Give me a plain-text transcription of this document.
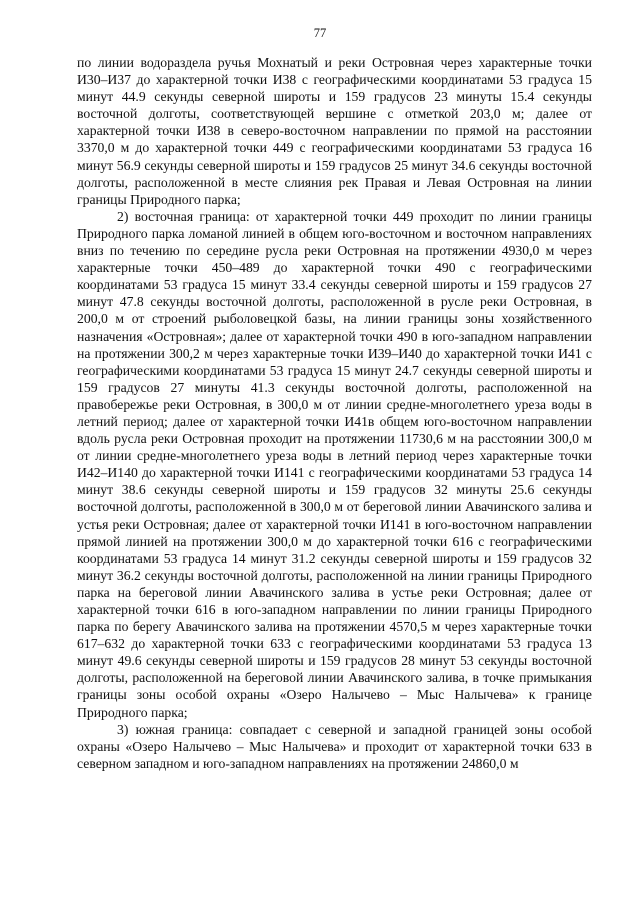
77

по линии водораздела ручья Мохнатый и реки Островная через характерные точки И30–И37 до характерной точки И38 с географическими координатами 53 градуса 15 минут 44.9 секунды северной широты и 159 градусов 23 минуты 15.4 секунды восточной долготы, соответствующей вершине с отметкой 203,0 м; далее от характерной точки И38 в северо-восточном направлении по прямой на расстоянии 3370,0 м до характерной точки 449 с географическими координатами 53 градуса 16 минут 56.9 секунды северной широты и 159 градусов 25 минут 34.6 секунды восточной долготы, расположенной в месте слияния рек Правая и Левая Островная на линии границы Природного парка;

2) восточная граница: от характерной точки 449 проходит по линии границы Природного парка ломаной линией в общем юго-восточном и восточном направлениях вниз по течению по середине русла реки Островная на протяжении 4930,0 м через характерные точки 450–489 до характерной точки 490 с географическими координатами 53 градуса 15 минут 33.4 секунды северной широты и 159 градусов 27 минут 47.8 секунды восточной долготы, расположенной в русле реки Островная, в 200,0 м от строений рыболовецкой базы, на линии границы зоны хозяйственного назначения «Островная»; далее от характерной точки 490 в юго-западном направлении на протяжении 300,2 м через характерные точки И39–И40 до характерной точки И41 с географическими координатами 53 градуса 15 минут 24.7 секунды северной широты и 159 градусов 27 минуты 41.3 секунды восточной долготы, расположенной на правобережье реки Островная, в 300,0 м от линии средне-многолетнего уреза воды в летний период; далее от характерной точки И41в общем юго-восточном направлении вдоль русла реки Островная проходит на протяжении 11730,6 м на расстоянии 300,0 м от линии средне-многолетнего уреза воды в летний период через характерные точки И42–И140 до характерной точки И141 с географическими координатами 53 градуса 14 минут 38.6 секунды северной широты и 159 градусов 32 минуты 25.6 секунды восточной долготы, расположенной в 300,0 м от береговой линии Авачинского залива и устья реки Островная; далее от характерной точки И141 в юго-восточном направлении прямой линией на протяжении 300,0 м до характерной точки 616 с географическими координатами 53 градуса 14 минут 31.2 секунды северной широты и 159 градусов 32 минут 36.2 секунды восточной долготы, расположенной на линии границы Природного парка на береговой линии Авачинского залива в устье реки Островная; далее от характерной точки 616 в юго-западном направлении по линии границы Природного парка по берегу Авачинского залива на протяжении 4570,5 м через характерные точки 617–632 до характерной точки 633 с географическими координатами 53 градуса 13 минут 49.6 секунды северной широты и 159 градусов 28 минут 53 секунды восточной долготы, расположенной на береговой линии Авачинского залива, в точке примыкания границы зоны особой охраны «Озеро Налычево – Мыс Налычева» к границе Природного парка;

3) южная граница: совпадает с северной и западной границей зоны особой охраны «Озеро Налычево – Мыс Налычева» и проходит от характерной точки 633 в северном западном и юго-западном направлениях на протяжении 24860,0 м
